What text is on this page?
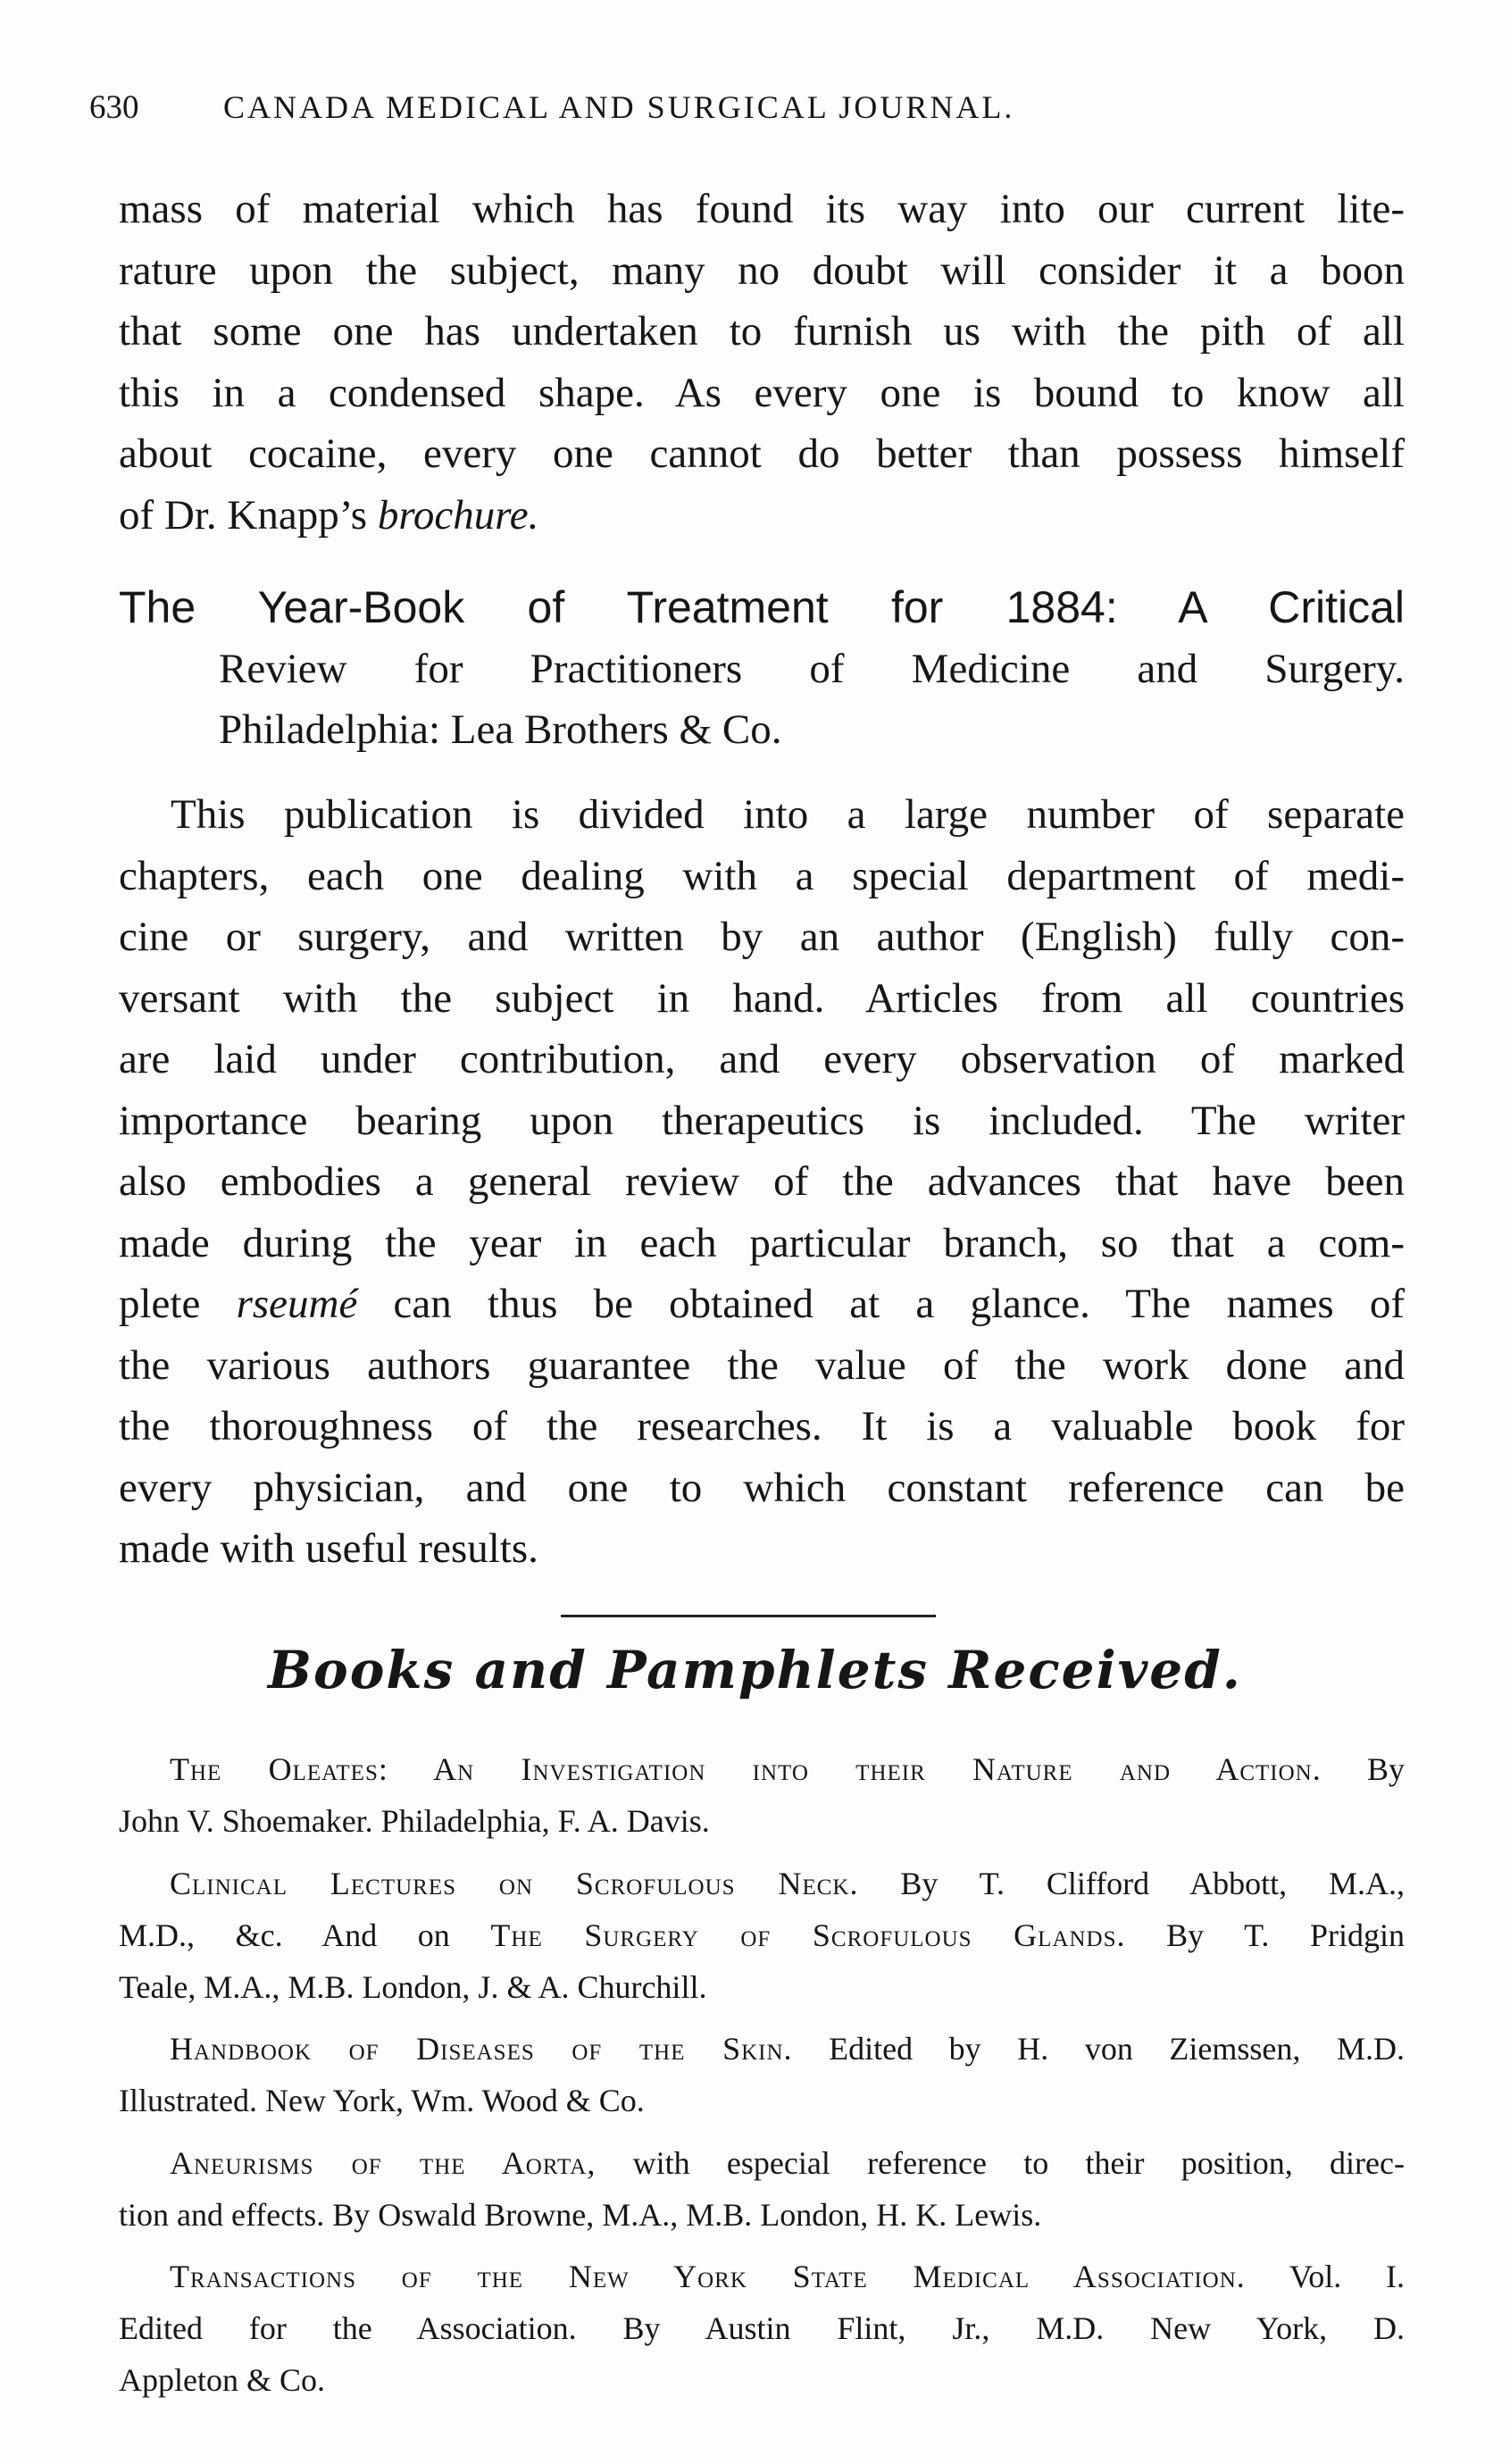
630	CANADA MEDICAL AND SURGICAL JOURNAL.
mass of material which has found its way into our current lite-
rature upon the subject, many no doubt will consider it a boon
that some one has undertaken to furnish us with the pith of all
this in a condensed shape. As every one is bound to know all
about cocaine, every one cannot do better than possess himself
of Dr. Knapp’s brochure.
The Year-Book of Treatment for 1884: A Critical
Review for Practitioners of Medicine and Surgery.
Philadelphia: Lea Brothers & Co.
This publication is divided into a large number of separate
chapters, each one dealing with a special department of medi-
cine or surgery, and written by an author (English) fully con-
versant with the subject in hand. Articles from all countries
are laid under contribution, and every observation of marked
importance bearing upon therapeutics is included. The writer
also embodies a general review of the advances that have been
made during the year in each particular branch, so that a com-
plete rseumé can thus be obtained at a glance. The names of
the various authors guarantee the value of the work done and
the thoroughness of the researches. It is a valuable book for
every physician, and one to which constant reference can be
made with useful results.
Books and Pamphlets Received.
The Oleates: An Investigation into their Nature and Action. By
John V. Shoemaker. Philadelphia, F. A. Davis.
Clinical Lectures on Scrofulous Neck. By T. Clifford Abbott, M.A.,
M.D., &c. And on The Surgery of Scrofulous Glands. By T. Pridgin
Teale, M.A., M.B. London, J. & A. Churchill.
Handbook of Diseases of the Skin. Edited by H. von Ziemssen, M.D.
Illustrated. New York, Wm. Wood & Co.
Aneurisms of the Aorta, with especial reference to their position, direc-
tion and effects. By Oswald Browne, M.A., M.B. London, H. K. Lewis.
Transactions of the New York State Medical Association. Vol. I.
Edited for the Association. By Austin Flint, Jr., M.D. New York, D.
Appleton & Co.
